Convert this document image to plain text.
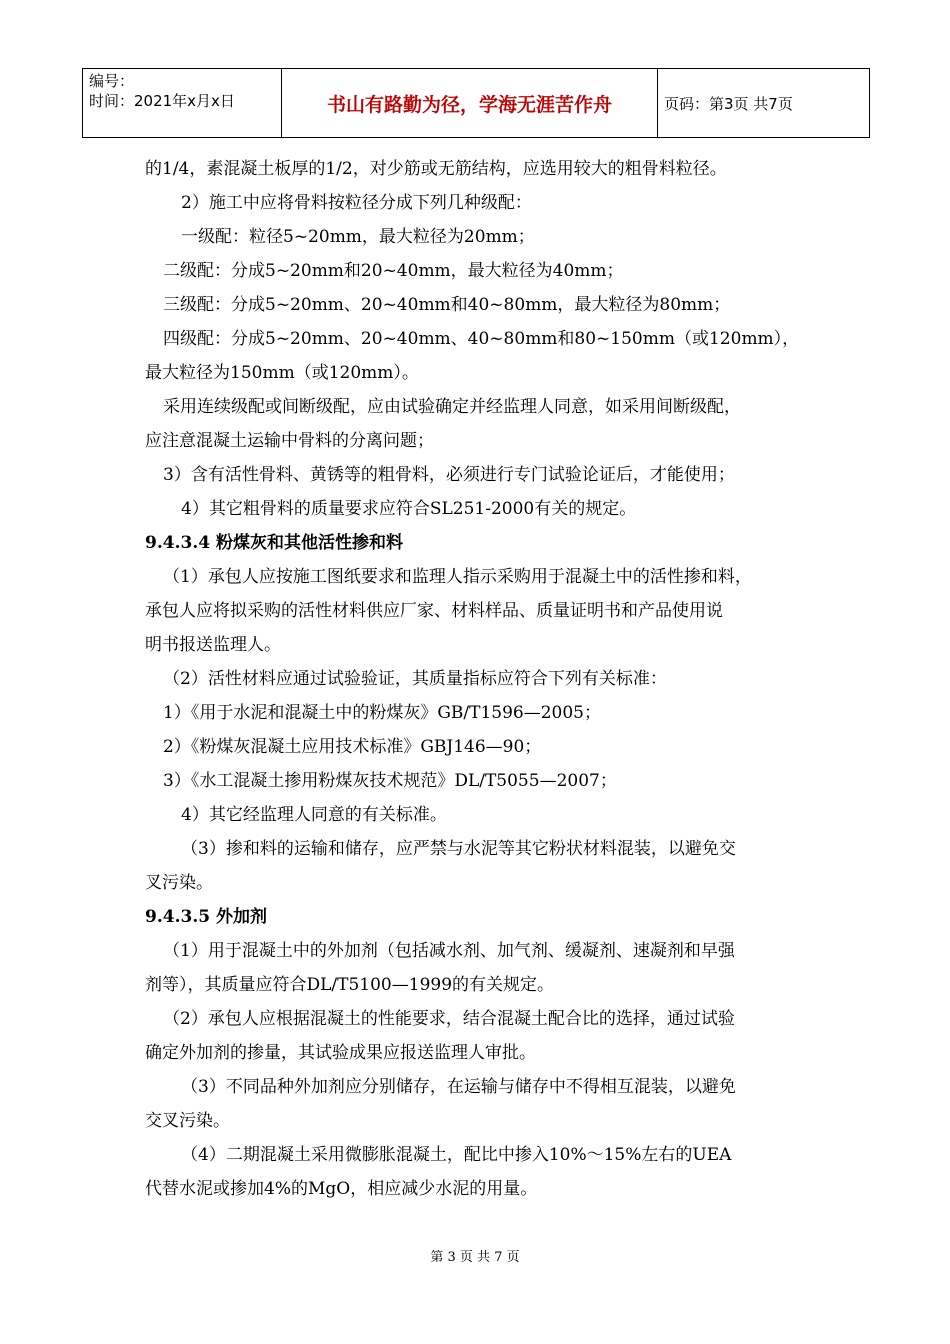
编号：
时间：2021年x月x日	书山有路勤为径，学海无涯苦作舟	页码：第3页 共7页

的1/4，素混凝土板厚的1/2，对少筋或无筋结构，应选用较大的粗骨料粒径。

2）施工中应将骨料按粒径分成下列几种级配：

一级配：粒径5~20mm，最大粒径为20mm；

二级配：分成5~20mm和20~40mm，最大粒径为40mm；

三级配：分成5~20mm、20~40mm和40~80mm，最大粒径为80mm；

四级配：分成5~20mm、20~40mm、40~80mm和80~150mm（或120mm），

最大粒径为150mm（或120mm）。

采用连续级配或间断级配，应由试验确定并经监理人同意，如采用间断级配，

应注意混凝土运输中骨料的分离问题；

3）含有活性骨料、黄锈等的粗骨料，必须进行专门试验论证后，才能使用；

4）其它粗骨料的质量要求应符合SL251-2000有关的规定。

9.4.3.4 粉煤灰和其他活性掺和料

（1）承包人应按施工图纸要求和监理人指示采购用于混凝土中的活性掺和料，

承包人应将拟采购的活性材料供应厂家、材料样品、质量证明书和产品使用说

明书报送监理人。

（2）活性材料应通过试验验证，其质量指标应符合下列有关标准：

1）《用于水泥和混凝土中的粉煤灰》GB/T1596—2005；

2）《粉煤灰混凝土应用技术标准》GBJ146—90；

3）《水工混凝土掺用粉煤灰技术规范》DL/T5055—2007；

4）其它经监理人同意的有关标准。

（3）掺和料的运输和储存，应严禁与水泥等其它粉状材料混装，以避免交

叉污染。

9.4.3.5 外加剂

（1）用于混凝土中的外加剂（包括减水剂、加气剂、缓凝剂、速凝剂和早强

剂等），其质量应符合DL/T5100—1999的有关规定。

（2）承包人应根据混凝土的性能要求，结合混凝土配合比的选择，通过试验

确定外加剂的掺量，其试验成果应报送监理人审批。

（3）不同品种外加剂应分别储存，在运输与储存中不得相互混装，以避免

交叉污染。

（4）二期混凝土采用微膨胀混凝土，配比中掺入10%～15%左右的UEA

代替水泥或掺加4%的MgO，相应减少水泥的用量。

第 3 页 共 7 页
